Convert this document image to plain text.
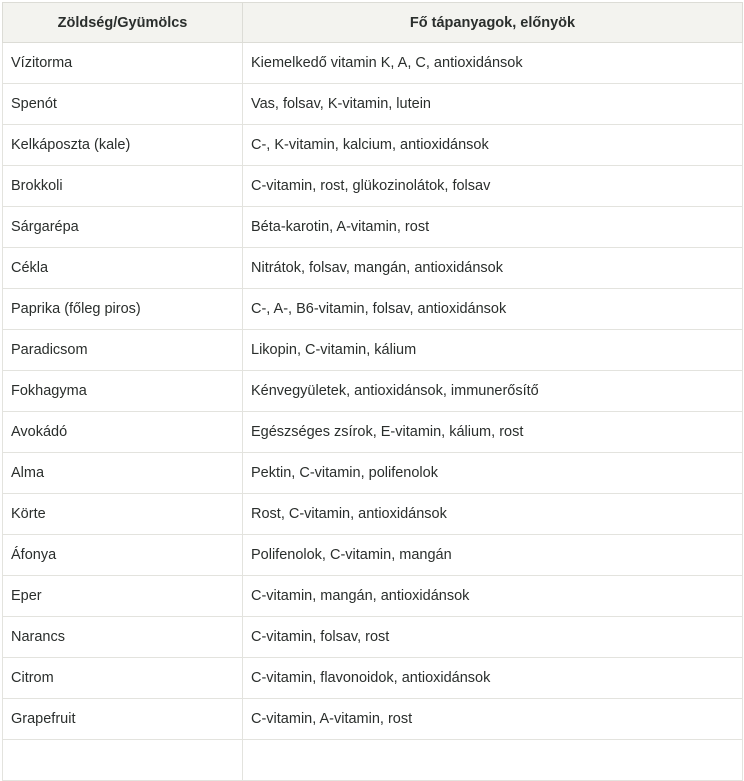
Zöldség/Gyümölcs	Fő tápanyagok, előnyök
Vízitorma	Kiemelkedő vitamin K, A, C, antioxidánsok
Spenót	Vas, folsav, K-vitamin, lutein
Kelkáposzta (kale)	C-, K-vitamin, kalcium, antioxidánsok
Brokkoli	C-vitamin, rost, glükozinolátok, folsav
Sárgarépa	Béta-karotin, A-vitamin, rost
Cékla	Nitrátok, folsav, mangán, antioxidánsok
Paprika (főleg piros)	C-, A-, B6-vitamin, folsav, antioxidánsok
Paradicsom	Likopin, C-vitamin, kálium
Fokhagyma	Kénvegyületek, antioxidánsok, immunerősítő
Avokádó	Egészséges zsírok, E-vitamin, kálium, rost
Alma	Pektin, C-vitamin, polifenolok
Körte	Rost, C-vitamin, antioxidánsok
Áfonya	Polifenolok, C-vitamin, mangán
Eper	C-vitamin, mangán, antioxidánsok
Narancs	C-vitamin, folsav, rost
Citrom	C-vitamin, flavonoidok, antioxidánsok
Grapefruit	C-vitamin, A-vitamin, rost
